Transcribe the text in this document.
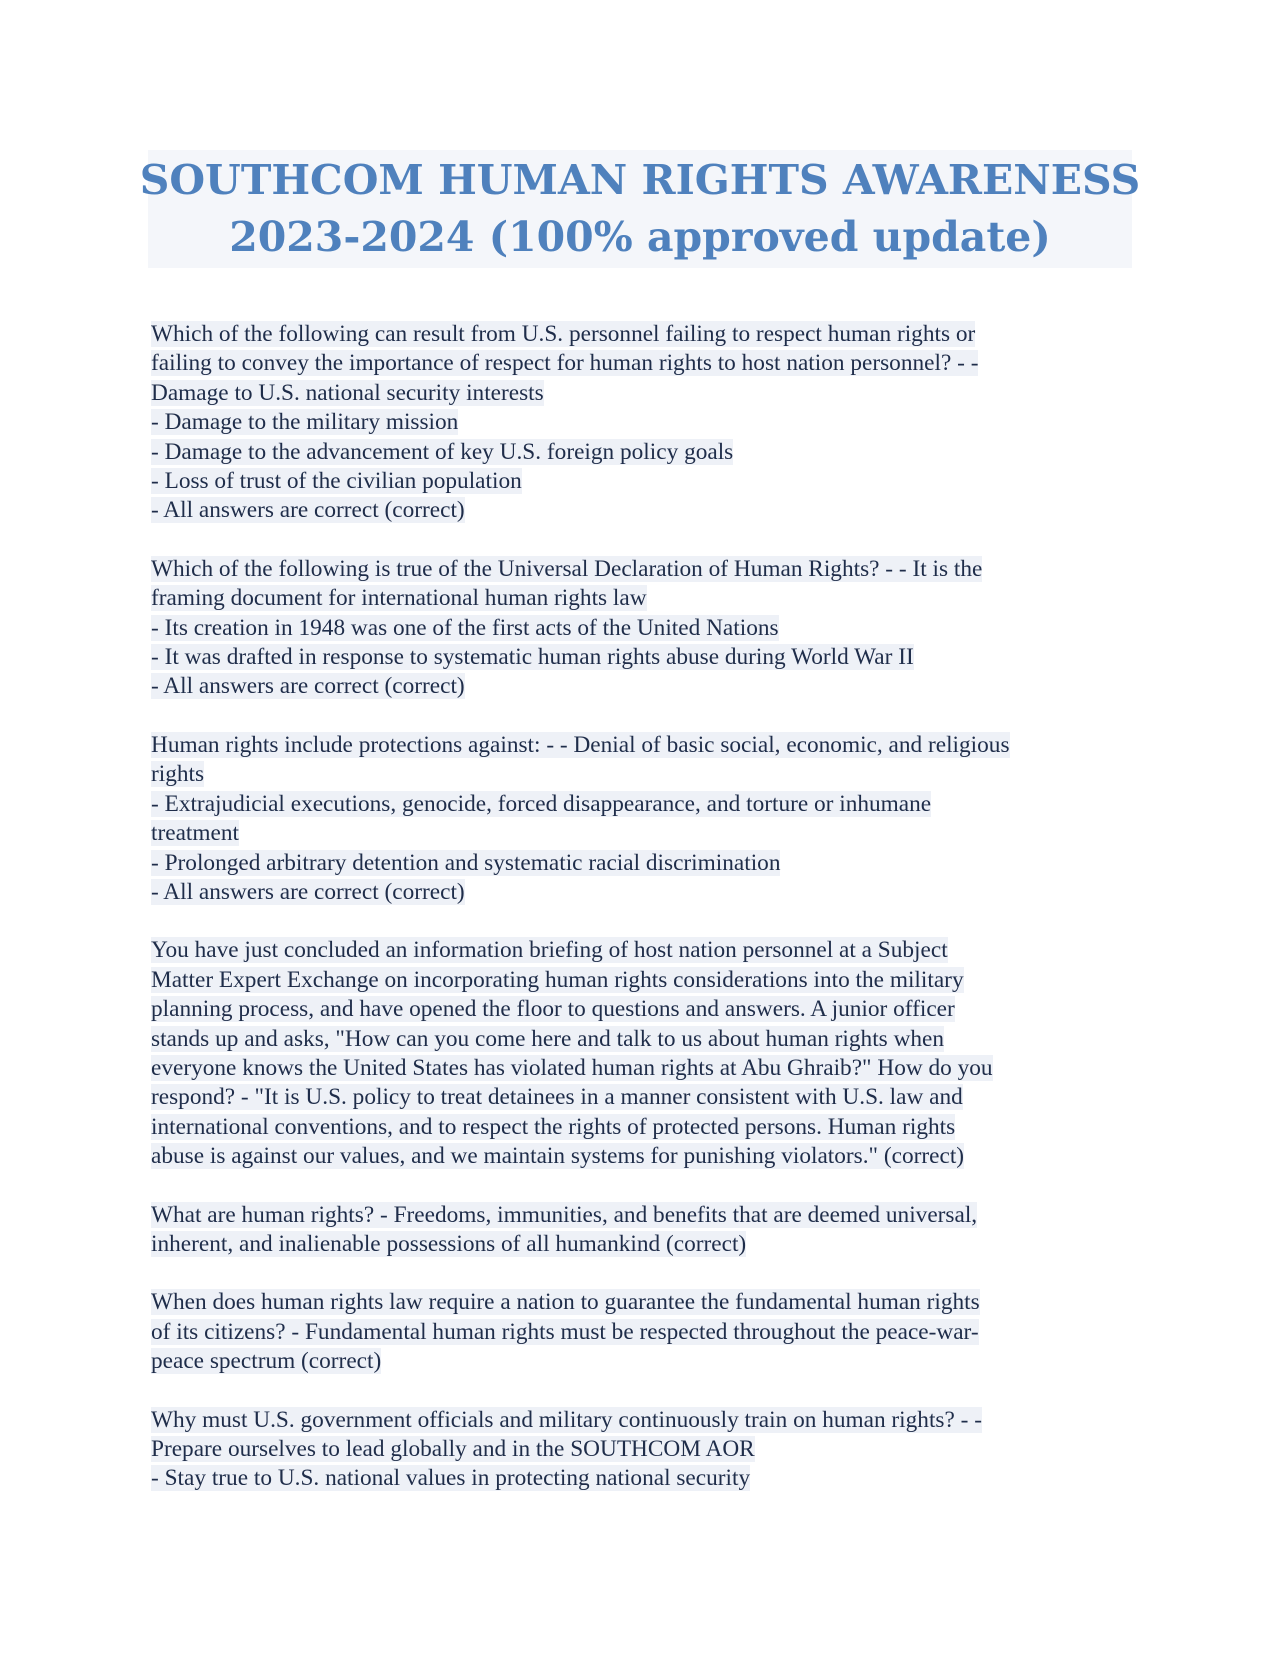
SOUTHCOM HUMAN RIGHTS AWARENESS
2023-2024 (100% approved update)
Which of the following can result from U.S. personnel failing to respect human rights or
failing to convey the importance of respect for human rights to host nation personnel? - -
Damage to U.S. national security interests
- Damage to the military mission
- Damage to the advancement of key U.S. foreign policy goals
- Loss of trust of the civilian population
- All answers are correct (correct)
Which of the following is true of the Universal Declaration of Human Rights? - - It is the
framing document for international human rights law
- Its creation in 1948 was one of the first acts of the United Nations
- It was drafted in response to systematic human rights abuse during World War II
- All answers are correct (correct)
Human rights include protections against: - - Denial of basic social, economic, and religious
rights
- Extrajudicial executions, genocide, forced disappearance, and torture or inhumane
treatment
- Prolonged arbitrary detention and systematic racial discrimination
- All answers are correct (correct)
You have just concluded an information briefing of host nation personnel at a Subject
Matter Expert Exchange on incorporating human rights considerations into the military
planning process, and have opened the floor to questions and answers. A junior officer
stands up and asks, "How can you come here and talk to us about human rights when
everyone knows the United States has violated human rights at Abu Ghraib?" How do you
respond? - "It is U.S. policy to treat detainees in a manner consistent with U.S. law and
international conventions, and to respect the rights of protected persons. Human rights
abuse is against our values, and we maintain systems for punishing violators." (correct)
What are human rights? - Freedoms, immunities, and benefits that are deemed universal,
inherent, and inalienable possessions of all humankind (correct)
When does human rights law require a nation to guarantee the fundamental human rights
of its citizens? - Fundamental human rights must be respected throughout the peace-war-
peace spectrum (correct)
Why must U.S. government officials and military continuously train on human rights? - -
Prepare ourselves to lead globally and in the SOUTHCOM AOR
- Stay true to U.S. national values in protecting national security
